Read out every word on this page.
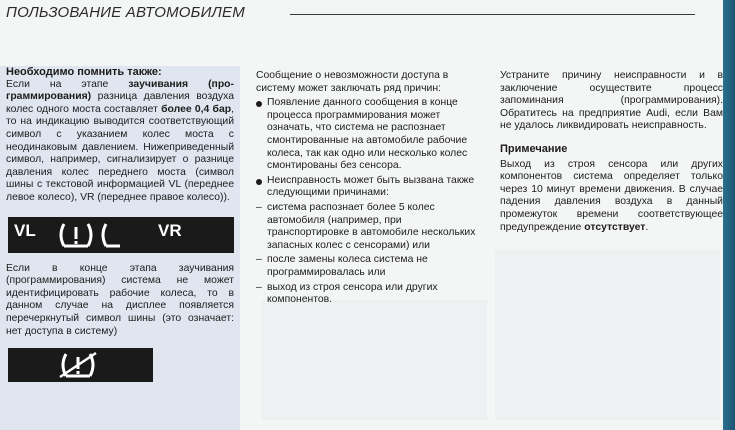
ПОЛЬЗОВАНИЕ АВТОМОБИЛЕМ

Необходимо помнить также:

Если на этапе заучивания (про-граммирования) разница давления воздуха колес одного моста составляет более 0,4 бар, то на индикацию выводится соответствующий символ с указанием колес моста с неодинаковым давлением. Нижеприведенный символ, например, сигнализирует о разнице давления колес переднего моста (символ шины с текстовой информацией VL (переднее левое колесо), VR (переднее правое колесо)).

VL	VR

Если в конце этапа заучивания (программирования) система не может идентифицировать рабочие колеса, то в данном случае на дисплее появляется перечеркнутый символ шины (это означает: нет доступа в систему)

Сообщение о невозможности доступа в систему может заключать ряд причин:

Появление данного сообщения в конце процесса программирования может означать, что система не распознает смонтированные на автомобиле рабочие колеса, так как одно или несколько колес смонтированы без сенсора.

Неисправность может быть вызвана также следующими причинами:

– система распознает более 5 колес автомобиля (например, при транспортировке в автомобиле нескольких запасных колес с сенсорами) или

– после замены колеса система не программировалась или

– выход из строя сенсора или других компонентов.

Устраните причину неисправности и в заключение осуществите процесс запоминания (программирования). Обратитесь на предприятие Audi, если Вам не удалось ликвидировать неисправность.

Примечание

Выход из строя сенсора или других компонентов система определяет только через 10 минут времени движения. В случае падения давления воздуха в данный промежуток времени соответствующее предупреждение отсутствует.
